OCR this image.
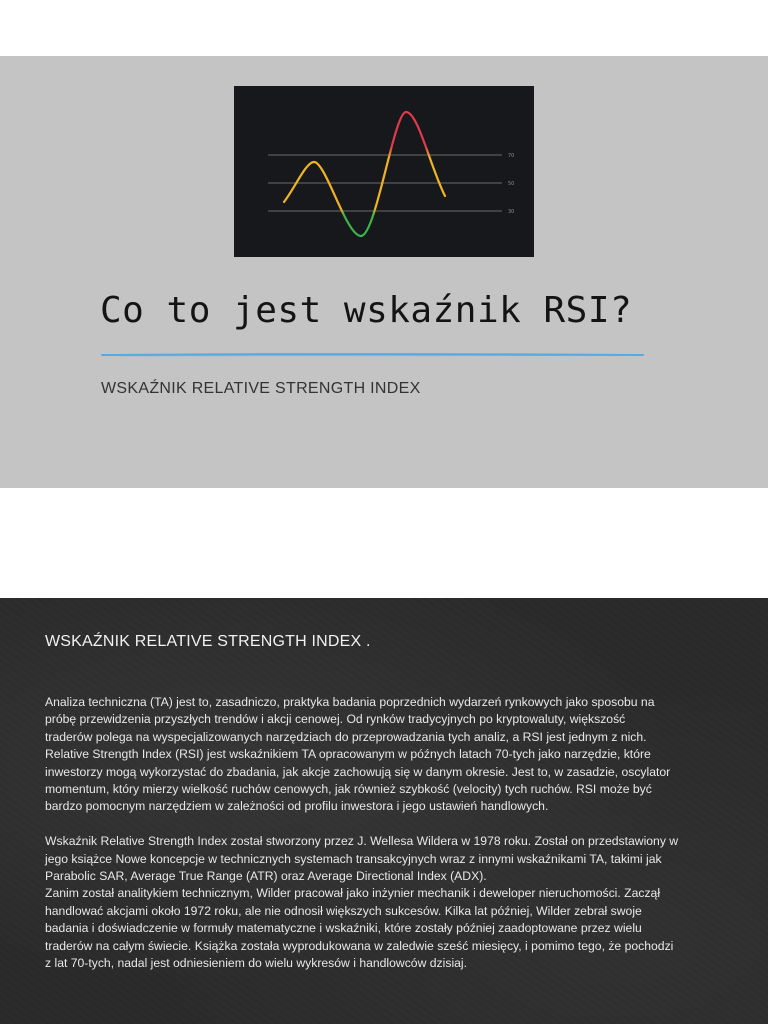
70
50
30
Co to jest wskaźnik RSI?
WSKAŹNIK RELATIVE STRENGTH INDEX
WSKAŹNIK RELATIVE STRENGTH INDEX .

Analiza techniczna (TA) jest to, zasadniczo, praktyka badania poprzednich wydarzeń rynkowych jako sposobu na
próbę przewidzenia przyszłych trendów i akcji cenowej. Od rynków tradycyjnych po kryptowaluty, większość
traderów polega na wyspecjalizowanych narzędziach do przeprowadzania tych analiz, a RSI jest jednym z nich.
Relative Strength Index (RSI) jest wskaźnikiem TA opracowanym w późnych latach 70-tych jako narzędzie, które
inwestorzy mogą wykorzystać do zbadania, jak akcje zachowują się w danym okresie. Jest to, w zasadzie, oscylator
momentum, który mierzy wielkość ruchów cenowych, jak również szybkość (velocity) tych ruchów. RSI może być
bardzo pomocnym narzędziem w zależności od profilu inwestora i jego ustawień handlowych.

Wskaźnik Relative Strength Index został stworzony przez J. Wellesa Wildera w 1978 roku. Został on przedstawiony w
jego książce Nowe koncepcje w technicznych systemach transakcyjnych wraz z innymi wskaźnikami TA, takimi jak
Parabolic SAR, Average True Range (ATR) oraz Average Directional Index (ADX).
Zanim został analitykiem technicznym, Wilder pracował jako inżynier mechanik i deweloper nieruchomości. Zaczął
handlować akcjami około 1972 roku, ale nie odnosił większych sukcesów. Kilka lat później, Wilder zebrał swoje
badania i doświadczenie w formuły matematyczne i wskaźniki, które zostały później zaadoptowane przez wielu
traderów na całym świecie. Książka została wyprodukowana w zaledwie sześć miesięcy, i pomimo tego, że pochodzi
z lat 70-tych, nadal jest odniesieniem do wielu wykresów i handlowców dzisiaj.
